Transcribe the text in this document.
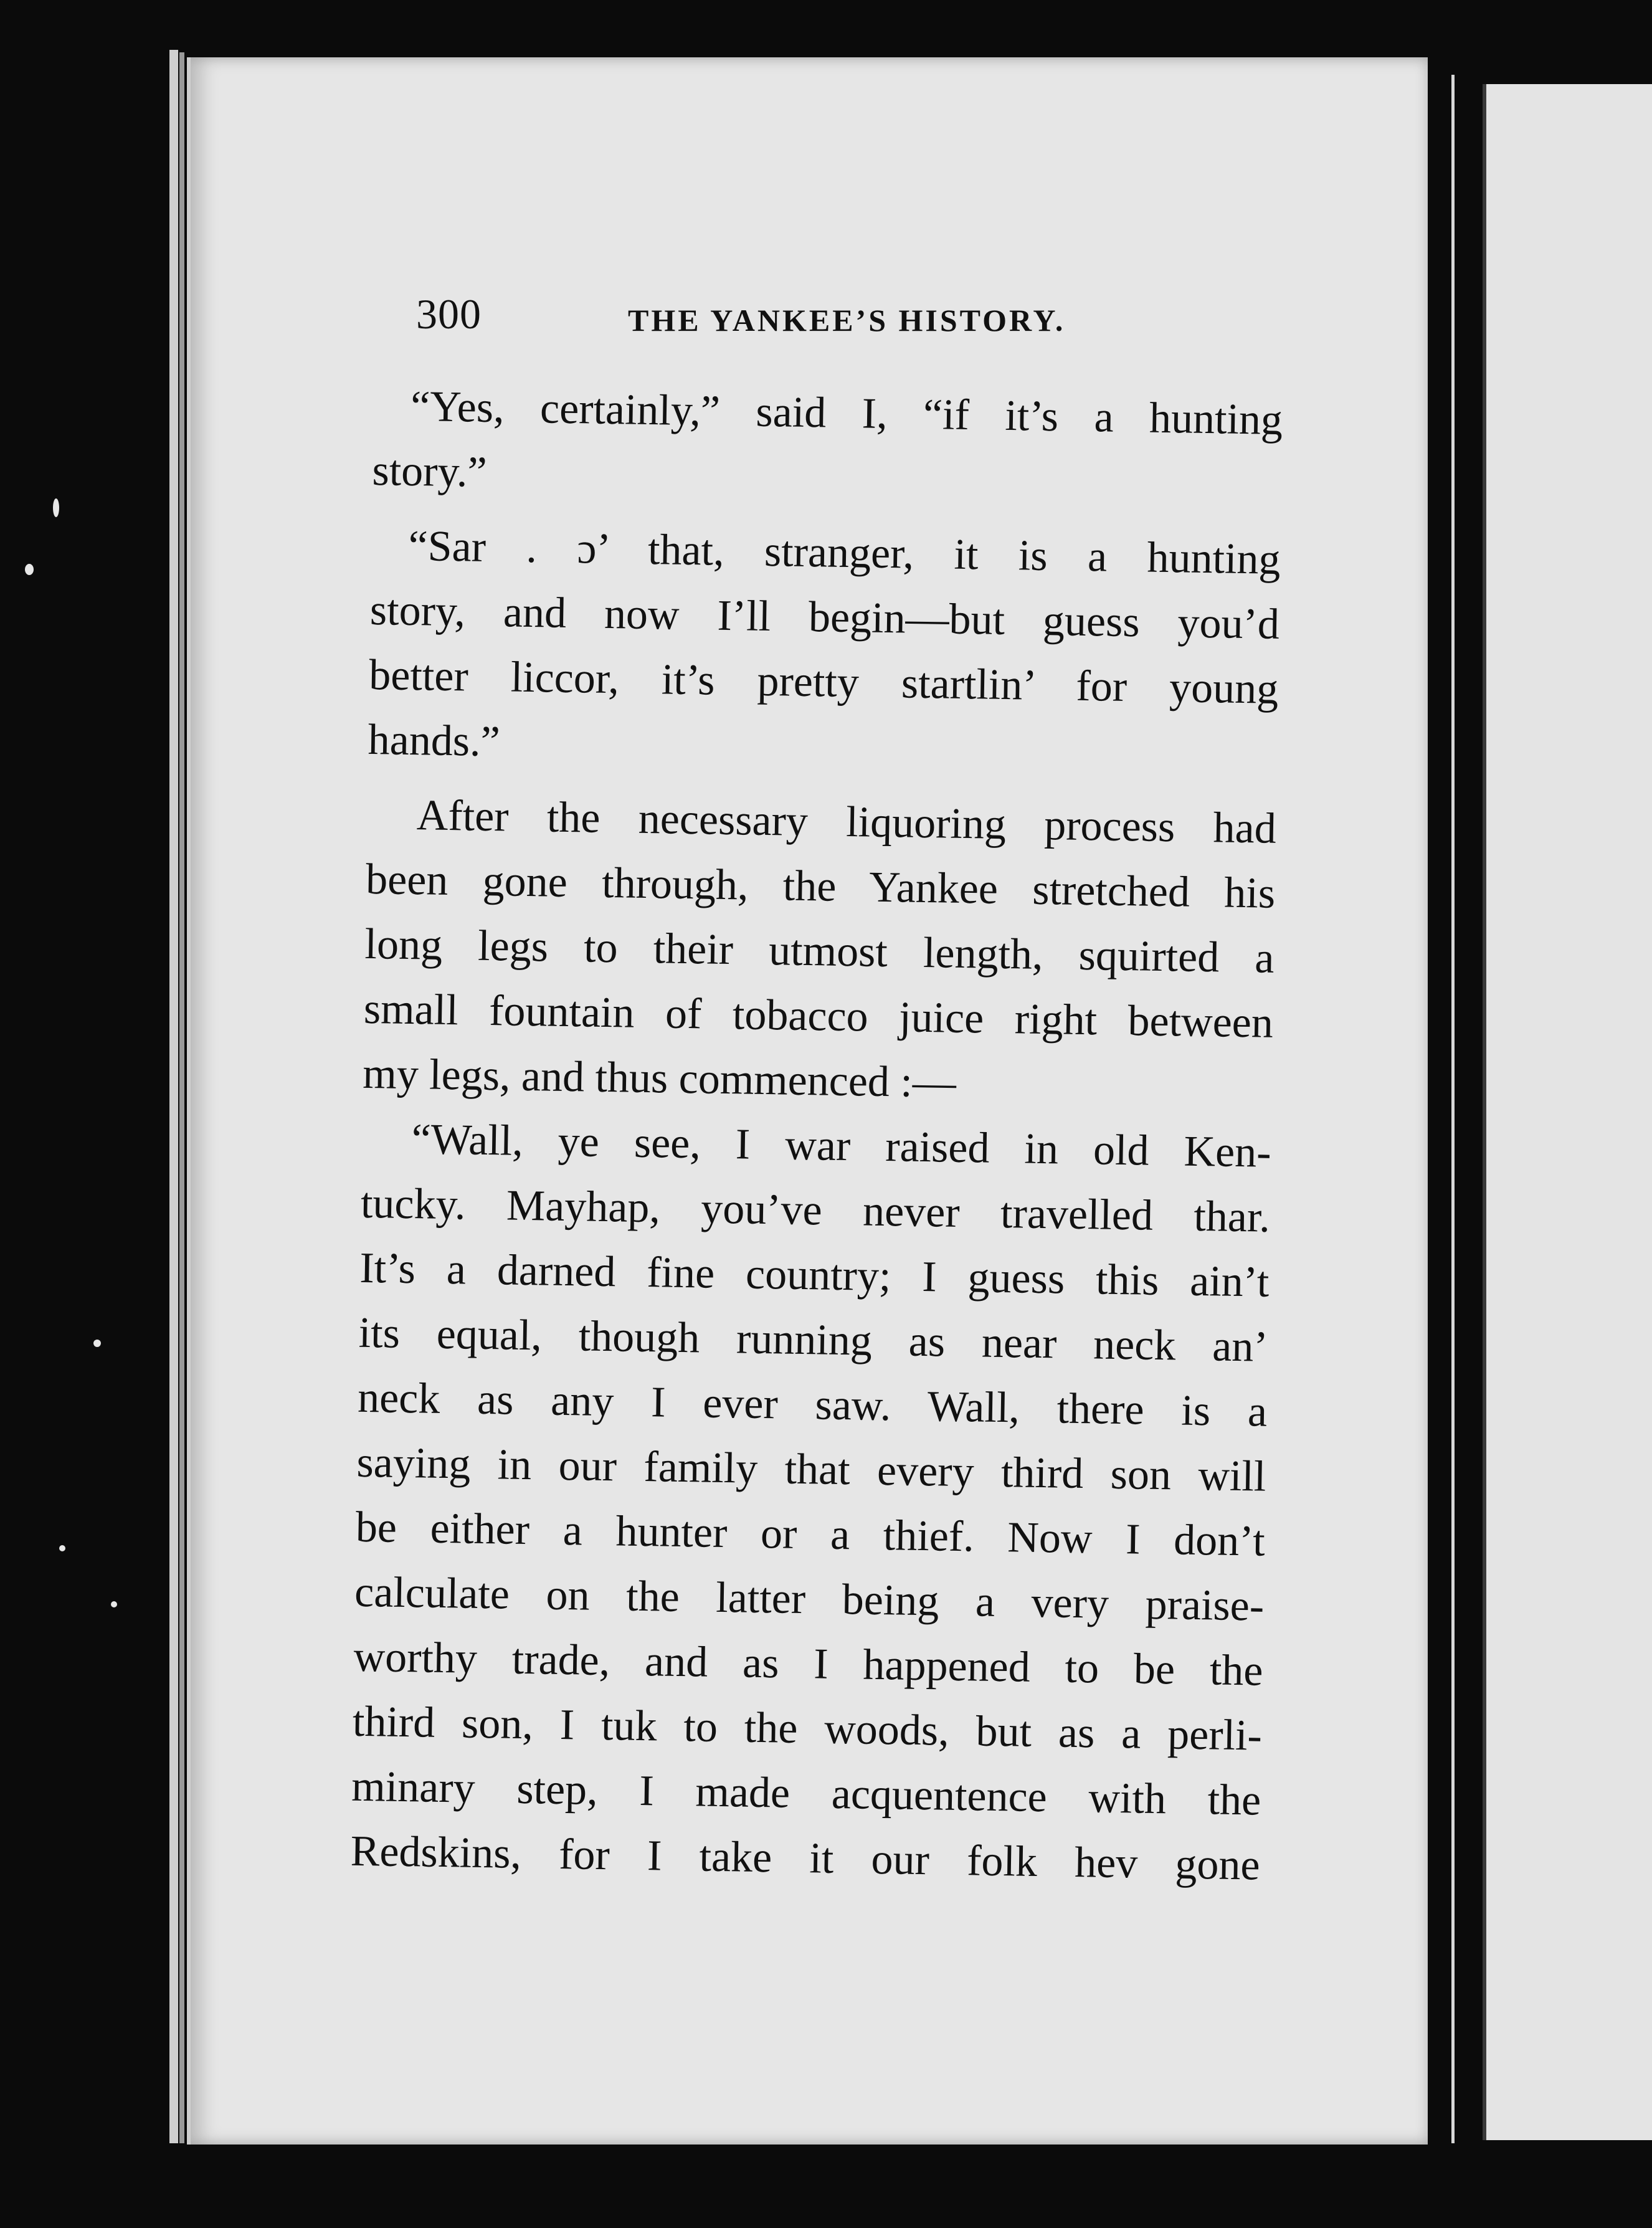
300	THE YANKEE’S HISTORY.
“Yes, certainly,” said I, “if it’s a hunting
story.”
“Sar . ɔ’ that, stranger, it is a hunting
story, and now I’ll begin—but guess you’d
better liccor, it’s pretty startlin’ for young
hands.”
After the necessary liquoring process had
been gone through, the Yankee stretched his
long legs to their utmost length, squirted a
small fountain of tobacco juice right between
my legs, and thus commenced :—
“Wall, ye see, I war raised in old Ken-
tucky. Mayhap, you’ve never travelled thar.
It’s a darned fine country; I guess this ain’t
its equal, though running as near neck an’
neck as any I ever saw. Wall, there is a
saying in our family that every third son will
be either a hunter or a thief. Now I don’t
calculate on the latter being a very praise-
worthy trade, and as I happened to be the
third son, I tuk to the woods, but as a perli-
minary step, I made acquentence with the
Redskins, for I take it our folk hev gone
